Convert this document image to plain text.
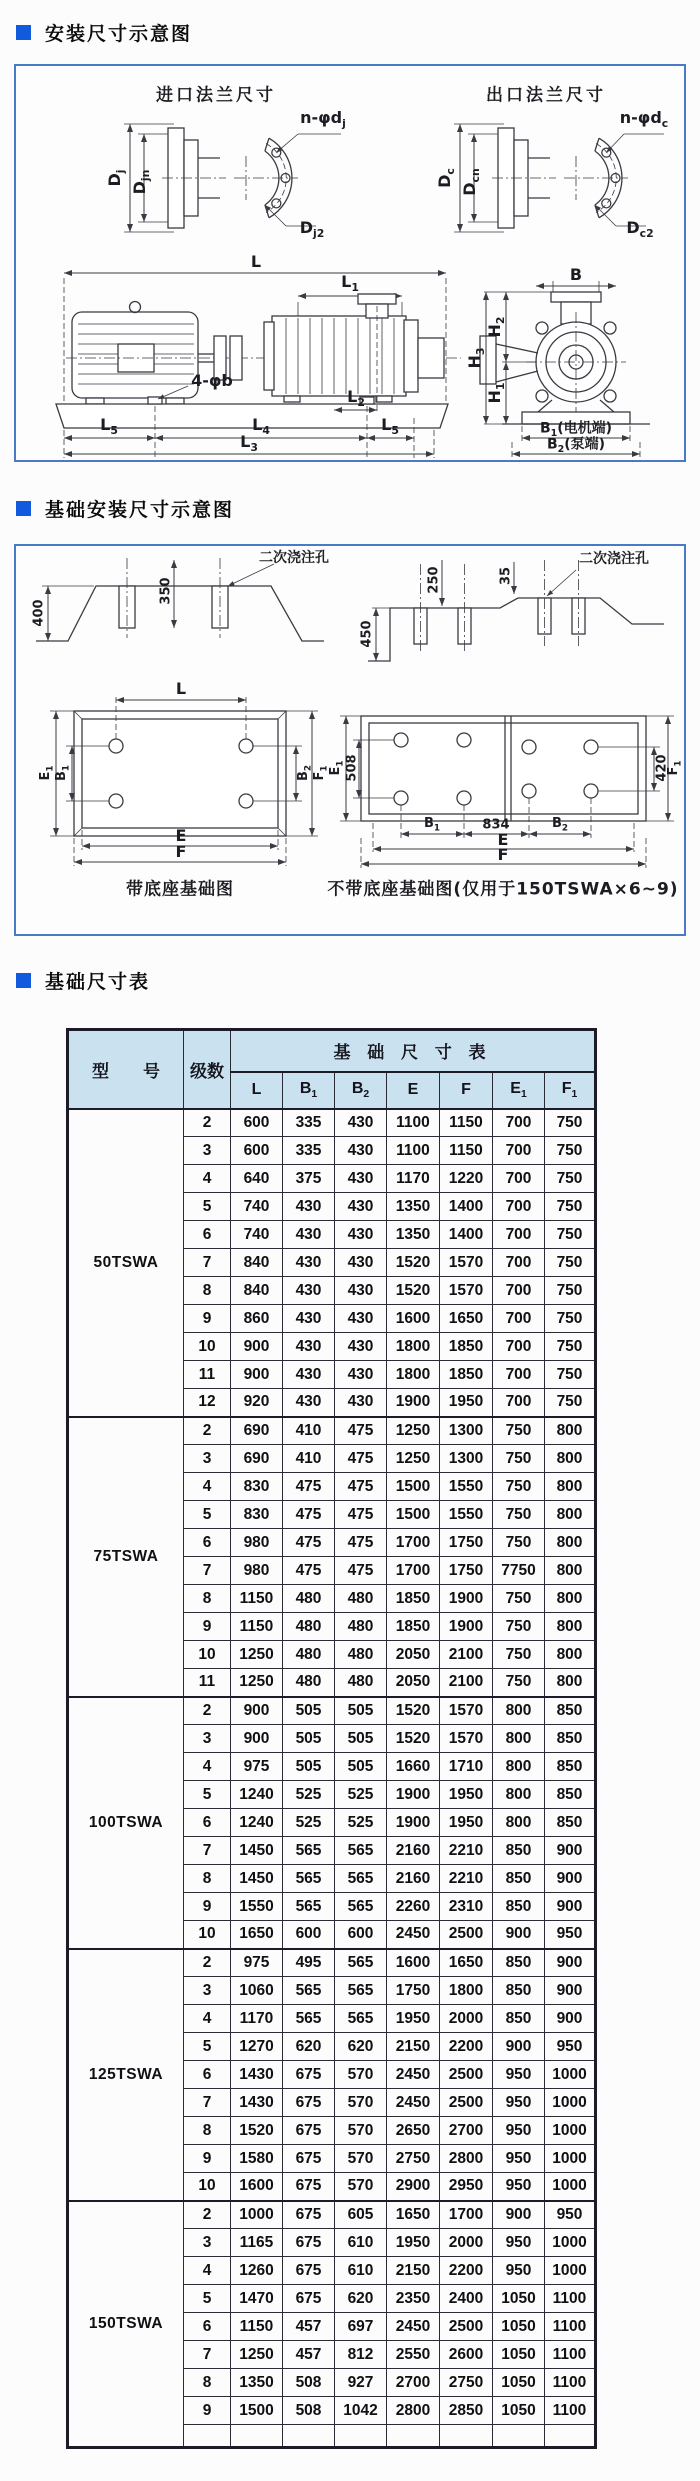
安装尺寸示意图
进口法兰尺寸	出口法兰尺寸
$D_j$
$D_{jn}$
$n-\varphi d_j$
$D_{j2}$
$D_c$
$D_{cn}$
$n-\varphi d_c$
$D_{c2}$
L
$L_1$
4-φb
$L_2$
$L_5$	$L_4$	$L_5$
$L_3$
B
$H_3$
$H_2$
$H_1$
$B_1$(电机端)
$B_2$(泵端)
基础安装尺寸示意图
400
350
二次浇注孔
450
250	35
二次浇注孔
L
$E_1$
$B_1$
$B_2$
$F_1$
E
F
带底座基础图
$E_1$ 508	420
$F_1$
$B_1$	834	$B_2$
E
F
不带底座基础图(仅用于150TSWA×6~9)
基础尺寸表
型　　号	级数	基 础 尺 寸 表						
		L	$B_1$	$B_2$	E	F	$E_1$	$F_1$
50TSWA	2	600	335	430	1100	1150	700	750
	3	600	335	430	1100	1150	700	750
	4	640	375	430	1170	1220	700	750
	5	740	430	430	1350	1400	700	750
	6	740	430	430	1350	1400	700	750
	7	840	430	430	1520	1570	700	750
	8	840	430	430	1520	1570	700	750
	9	860	430	430	1600	1650	700	750
	10	900	430	430	1800	1850	700	750
	11	900	430	430	1800	1850	700	750
	12	920	430	430	1900	1950	700	750
75TSWA	2	690	410	475	1250	1300	750	800
	3	690	410	475	1250	1300	750	800
	4	830	475	475	1500	1550	750	800
	5	830	475	475	1500	1550	750	800
	6	980	475	475	1700	1750	750	800
	7	980	475	475	1700	1750	7750	800
	8	1150	480	480	1850	1900	750	800
	9	1150	480	480	1850	1900	750	800
	10	1250	480	480	2050	2100	750	800
	11	1250	480	480	2050	2100	750	800
100TSWA	2	900	505	505	1520	1570	800	850
	3	900	505	505	1520	1570	800	850
	4	975	505	505	1660	1710	800	850
	5	1240	525	525	1900	1950	800	850
	6	1240	525	525	1900	1950	800	850
	7	1450	565	565	2160	2210	850	900
	8	1450	565	565	2160	2210	850	900
	9	1550	565	565	2260	2310	850	900
	10	1650	600	600	2450	2500	900	950
125TSWA	2	975	495	565	1600	1650	850	900
	3	1060	565	565	1750	1800	850	900
	4	1170	565	565	1950	2000	850	900
	5	1270	620	620	2150	2200	900	950
	6	1430	675	570	2450	2500	950	1000
	7	1430	675	570	2450	2500	950	1000
	8	1520	675	570	2650	2700	950	1000
	9	1580	675	570	2750	2800	950	1000
	10	1600	675	570	2900	2950	950	1000
150TSWA	2	1000	675	605	1650	1700	900	950
	3	1165	675	610	1950	2000	950	1000
	4	1260	675	610	2150	2200	950	1000
	5	1470	675	620	2350	2400	1050	1100
	6	1150	457	697	2450	2500	1050	1100
	7	1250	457	812	2550	2600	1050	1100
	8	1350	508	927	2700	2750	1050	1100
	9	1500	508	1042	2800	2850	1050	1100
